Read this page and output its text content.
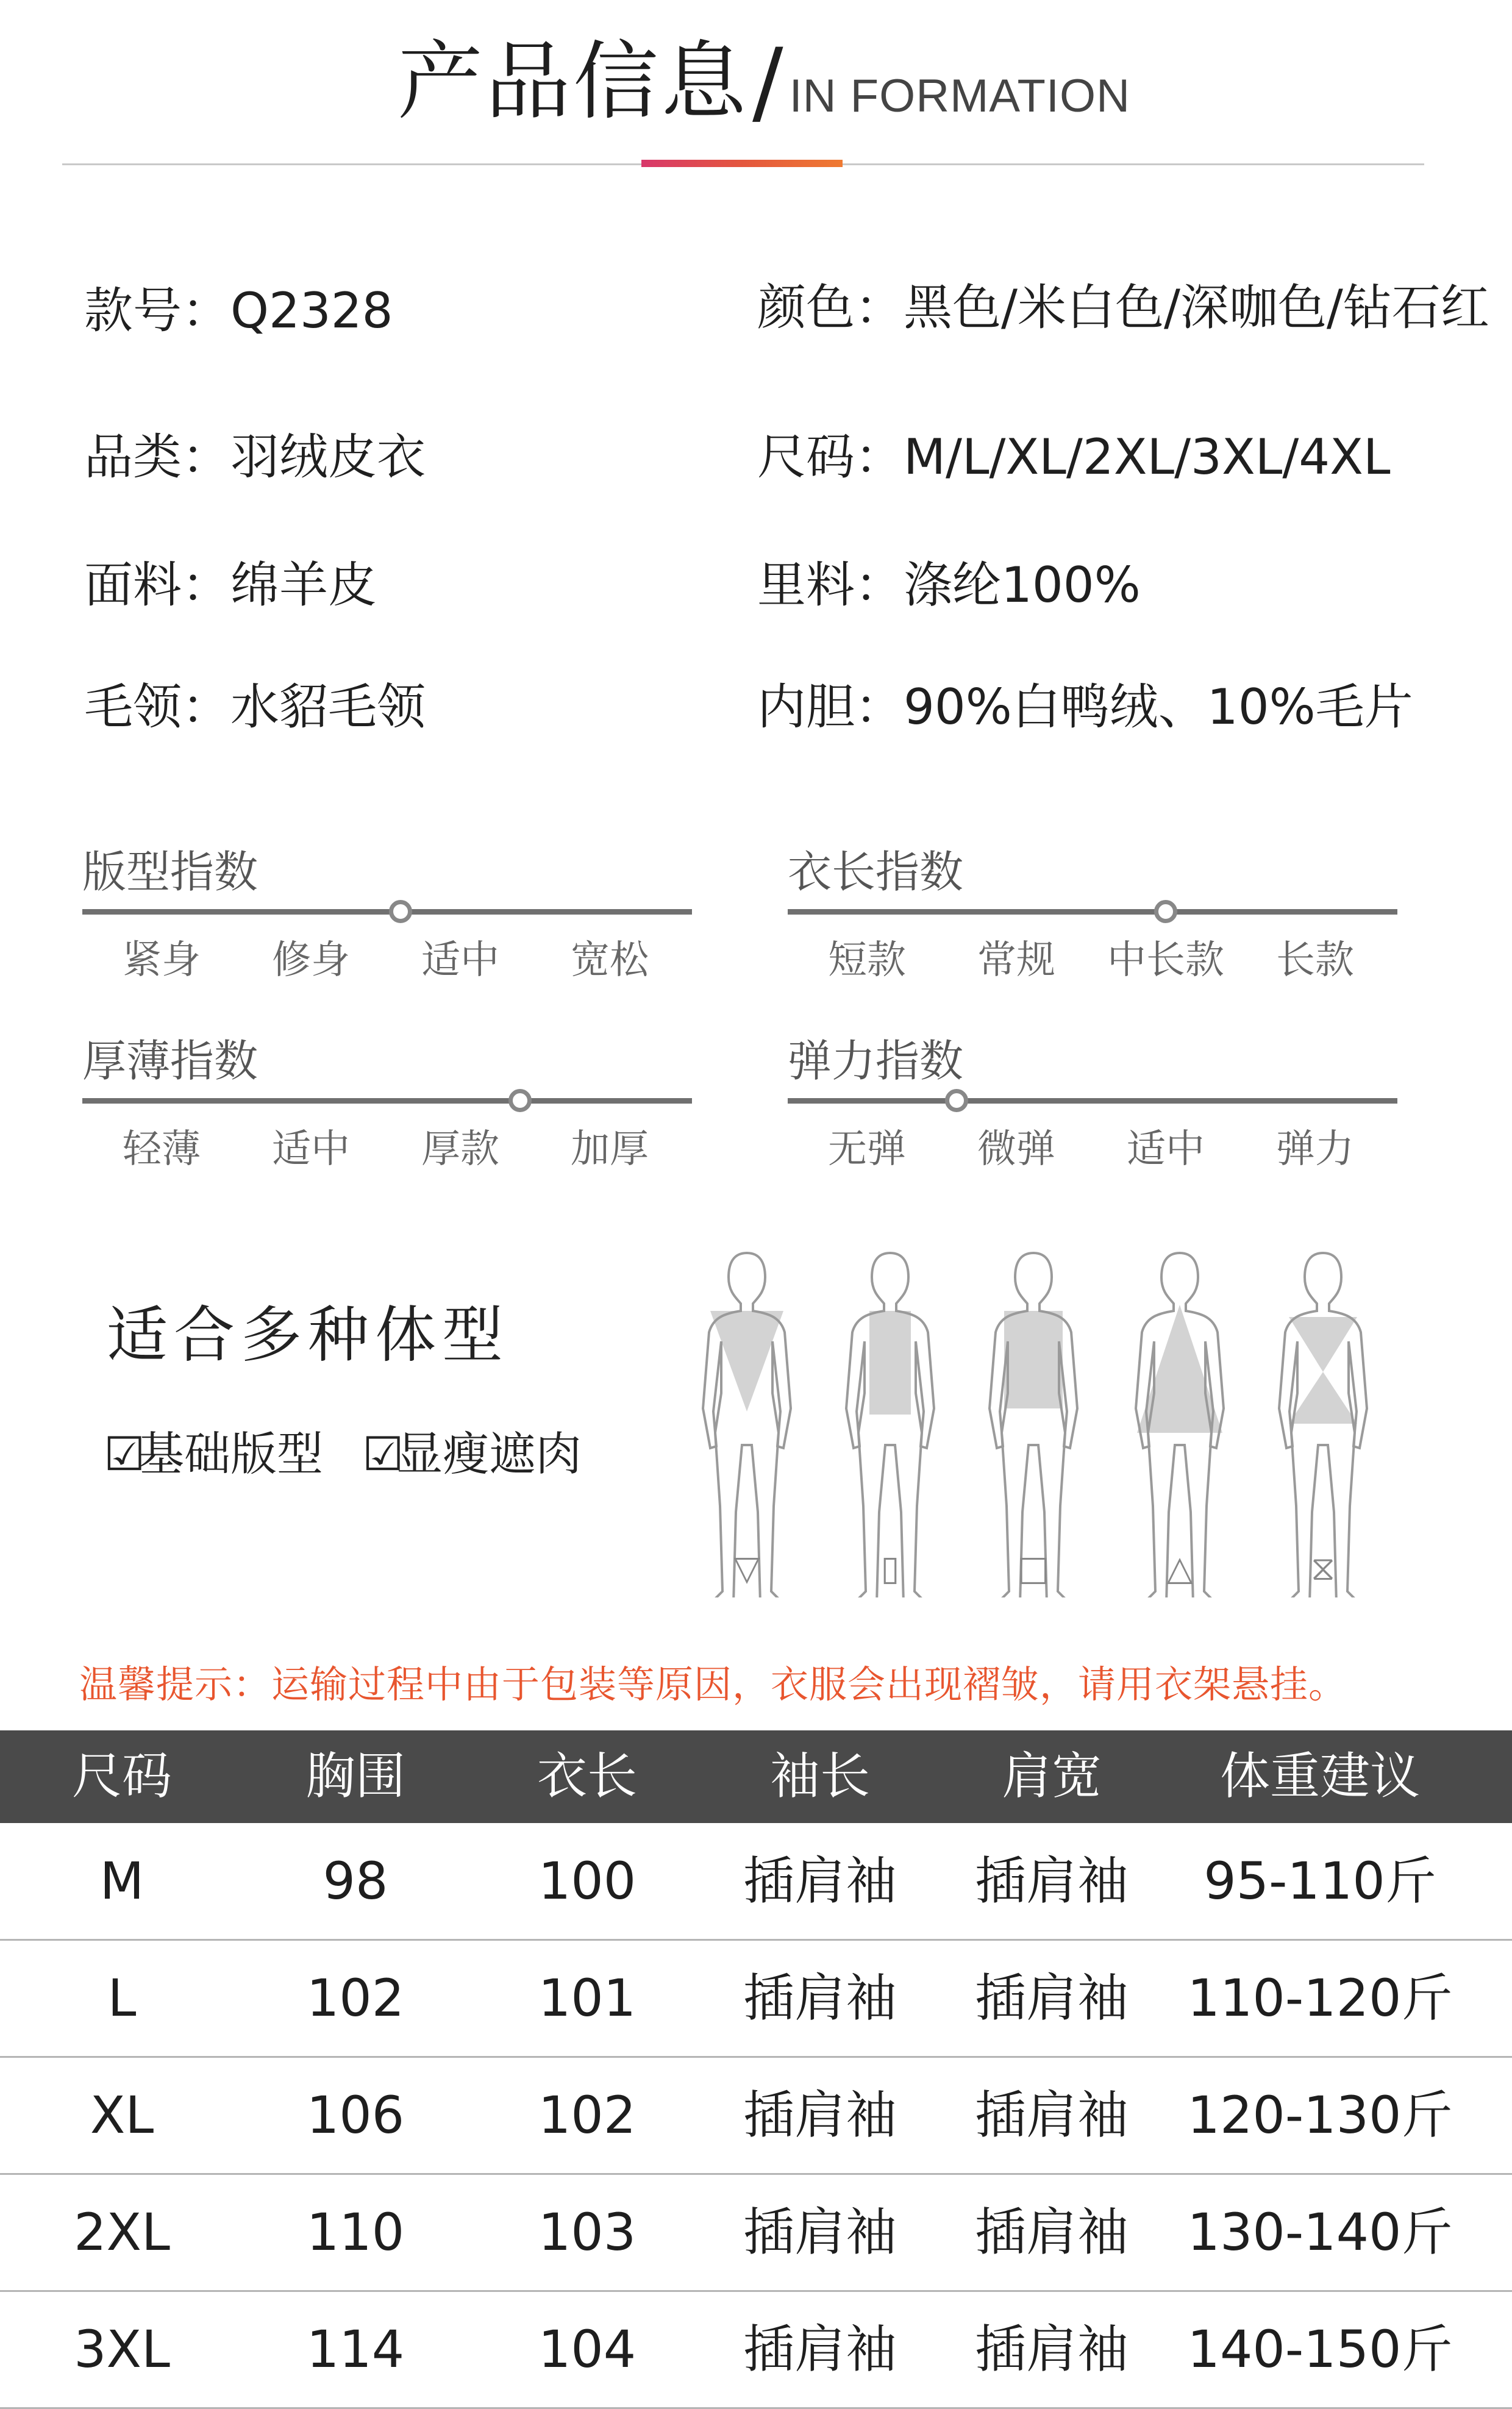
产品信息 / IN FORMATION
款号：Q2328	颜色：黑色/米白色/深咖色/钻石红
品类：羽绒皮衣	尺码：M/L/XL/2XL/3XL/4XL
面料：绵羊皮	里料：涤纶100%
毛领：水貂毛领	内胆：90%白鸭绒、10%毛片
版型指数
紧身	修身	适中	宽松
衣长指数
短款	常规	中长款	长款
厚薄指数
轻薄	适中	厚款	加厚
弹力指数
无弹	微弹	适中	弹力
适合多种体型
☑基础版型 ☑显瘦遮肉
▽	▯	□	△	⧖
温馨提示：运输过程中由于包装等原因，衣服会出现褶皱，请用衣架悬挂。
尺码	胸围	衣长	袖长	肩宽	体重建议
M	98	100	插肩袖	插肩袖	95-110斤
L	102	101	插肩袖	插肩袖	110-120斤
XL	106	102	插肩袖	插肩袖	120-130斤
2XL	110	103	插肩袖	插肩袖	130-140斤
3XL	114	104	插肩袖	插肩袖	140-150斤
